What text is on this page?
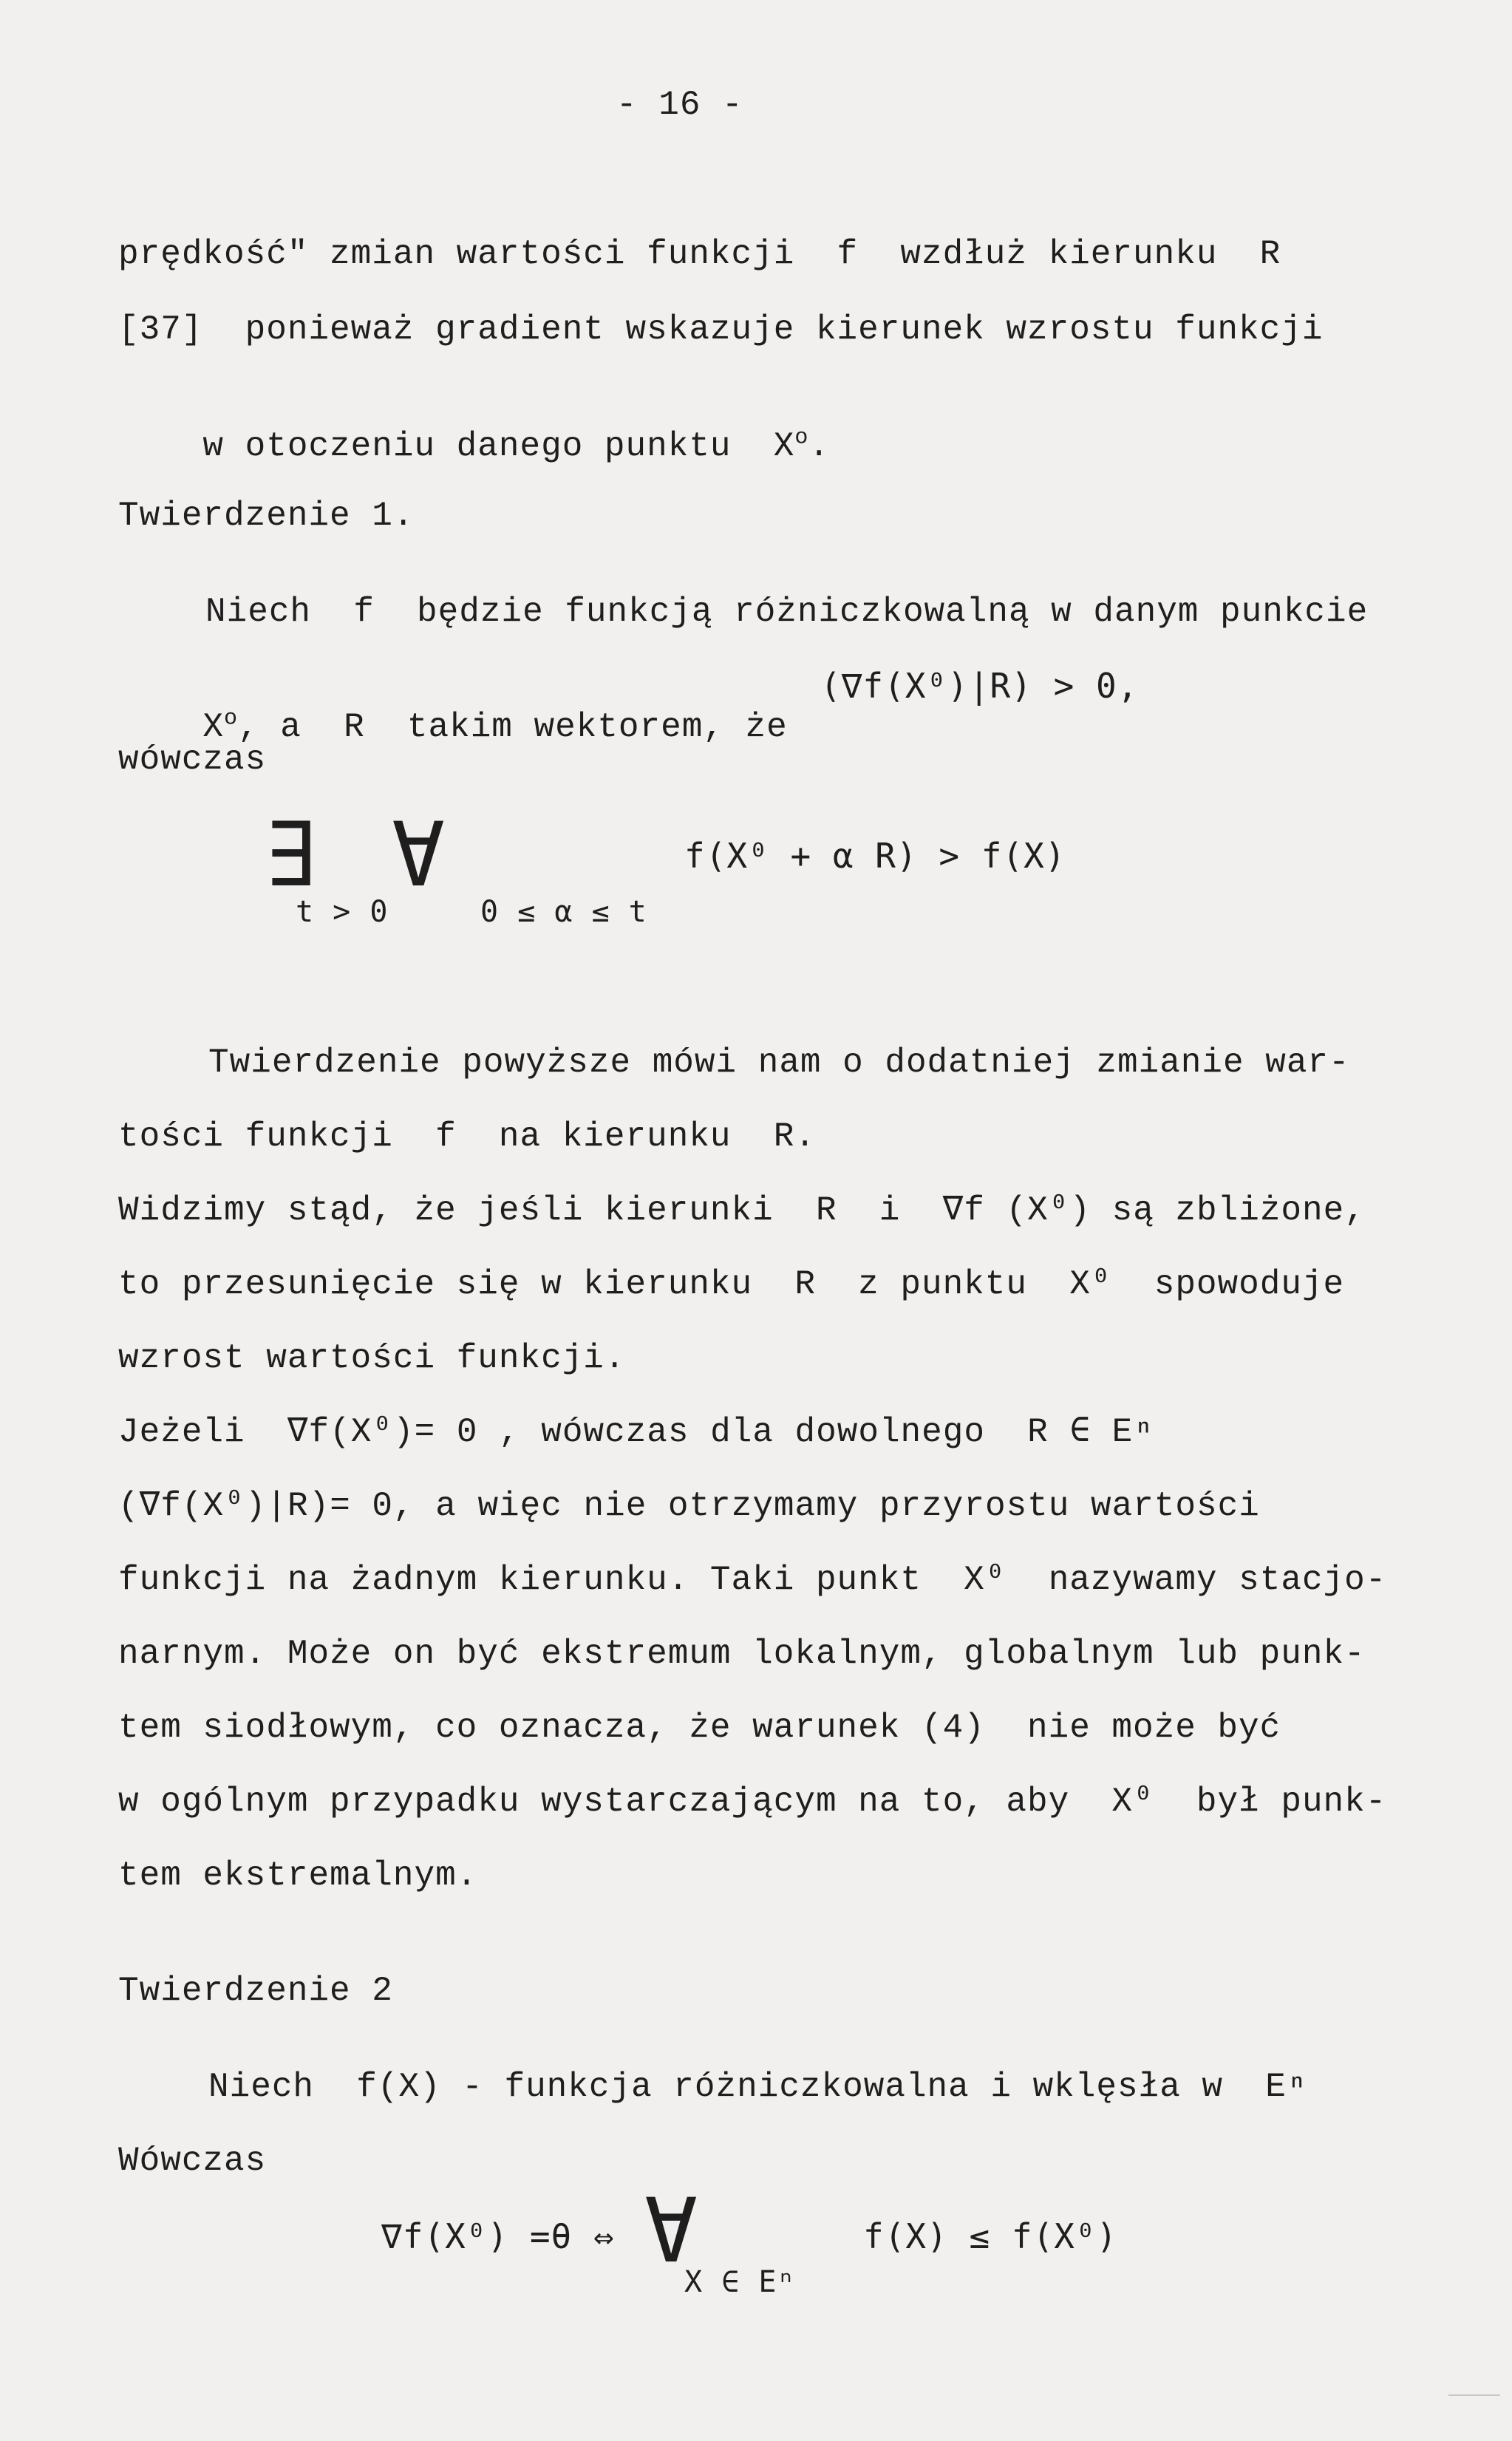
- 16 -
prędkość" zmian wartości funkcji  f  wzdłuż kierunku  R
[37]  ponieważ gradient wskazuje kierunek wzrostu funkcji

w otoczeniu danego punktu  $X^o$.

Twierdzenie 1.
Niech  f  będzie funkcją różniczkowalną w danym punkcie

$X^o$, a  R  takim wektorem, że

(∇f(X⁰)|R) > 0,
wówczas
∃
t > 0
∀
0 ≤ α ≤ t
f(X⁰ + α R) > f(X)
Twierdzenie powyższe mówi nam o dodatniej zmianie war-
tości funkcji  f  na kierunku  R.
Widzimy stąd, że jeśli kierunki  R  i  ∇f (X⁰) są zbliżone,
to przesunięcie się w kierunku  R  z punktu  X⁰  spowoduje
wzrost wartości funkcji.
Jeżeli  ∇f(X⁰)= 0 , wówczas dla dowolnego  R ∈ Eⁿ
(∇f(X⁰)|R)= 0, a więc nie otrzymamy przyrostu wartości
funkcji na żadnym kierunku. Taki punkt  X⁰  nazywamy stacjo-
narnym. Może on być ekstremum lokalnym, globalnym lub punk-
tem siodłowym, co oznacza, że warunek (4)  nie może być
w ogólnym przypadku wystarczającym na to, aby  X⁰  był punk-
tem ekstremalnym.
Twierdzenie 2
Niech  f(X) - funkcja różniczkowalna i wklęsła w  Eⁿ
Wówczas
∇f(X⁰) =θ ⇔ ∀
X ∈ Eⁿ
f(X) ≤ f(X⁰)
